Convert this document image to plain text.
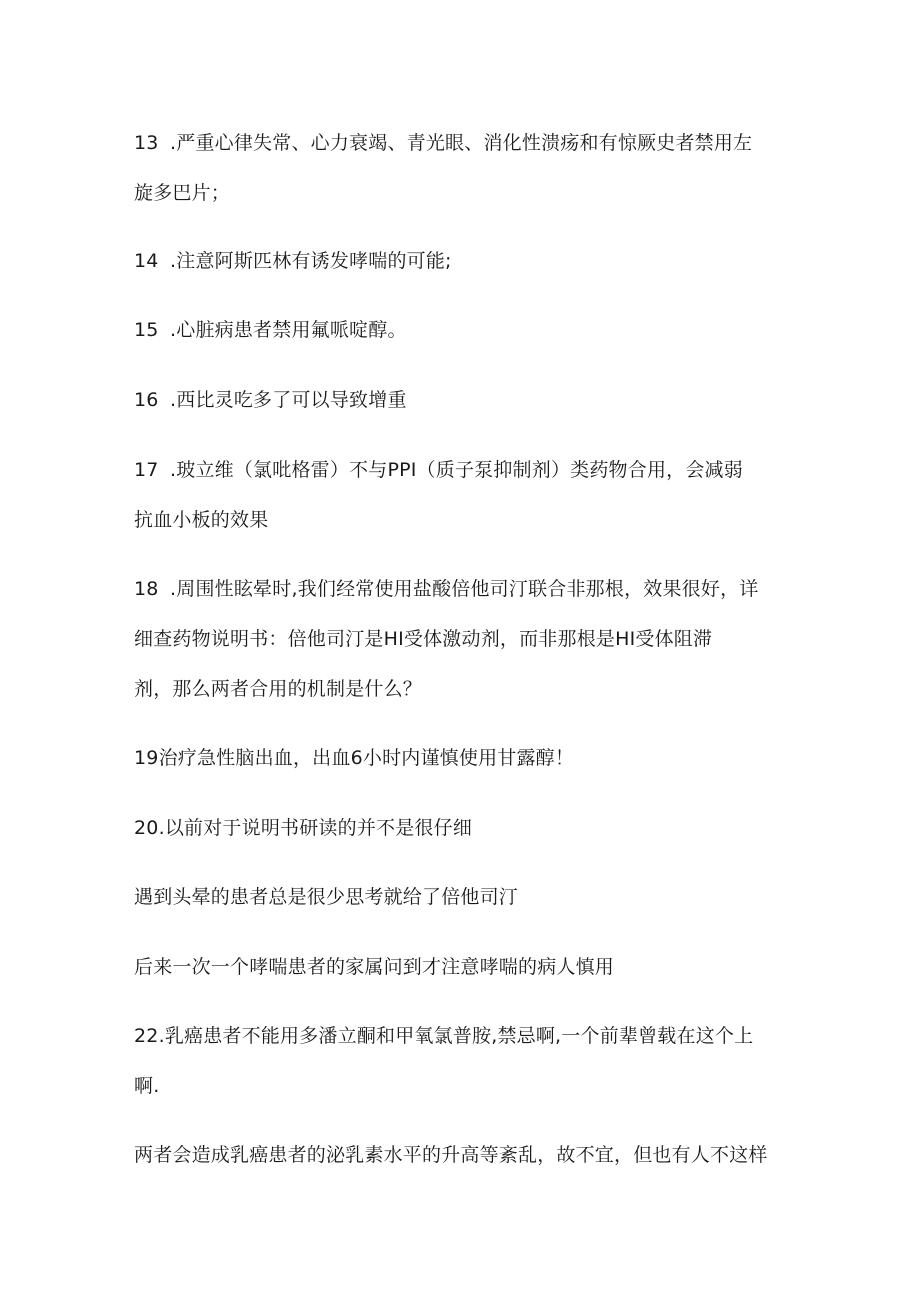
13 .严重心律失常、心力衰竭、青光眼、消化性溃疡和有惊厥史者禁用左
旋多巴片；
14 .注意阿斯匹林有诱发哮喘的可能;
15 .心脏病患者禁用氟哌啶醇。
16 .西比灵吃多了可以导致增重
17 .玻立维（氯吡格雷）不与PPI（质子泵抑制剂）类药物合用，会减弱
抗血小板的效果
18 .周围性眩晕时,我们经常使用盐酸倍他司汀联合非那根，效果很好，详
细查药物说明书：倍他司汀是HI受体激动剂，而非那根是HI受体阻滞
剂，那么两者合用的机制是什么？
19治疗急性脑出血，出血6小时内谨慎使用甘露醇！
20.以前对于说明书研读的并不是很仔细
遇到头晕的患者总是很少思考就给了倍他司汀
后来一次一个哮喘患者的家属问到才注意哮喘的病人慎用
22.乳癌患者不能用多潘立酮和甲氧氯普胺,禁忌啊,一个前辈曾载在这个上
啊.
两者会造成乳癌患者的泌乳素水平的升高等紊乱，故不宜，但也有人不这样
